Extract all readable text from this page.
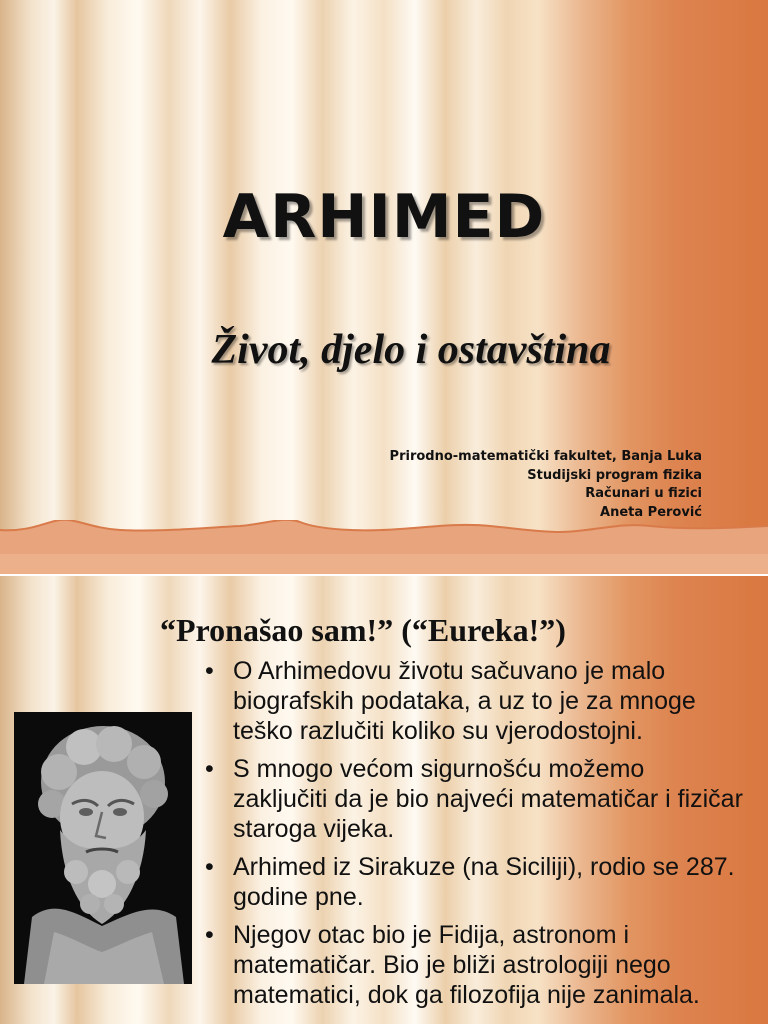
ARHIMED
Život, djelo i ostavština
Prirodno-matematički fakultet, Banja Luka
Studijski program fizika
Računari u fizici
Aneta Perović
“Pronašao sam!” (“Eureka!”)
• O Arhimedovu životu sačuvano je malo biografskih podataka, a uz to je za mnoge teško razlučiti koliko su vjerodostojni.
• S mnogo većom sigurnošću možemo zaključiti da je bio najveći matematičar i fizičar staroga vijeka.
• Arhimed iz Sirakuze (na Siciliji), rodio se 287. godine pne.
• Njegov otac bio je Fidija, astronom i matematičar. Bio je bliži astrologiji nego matematici, dok ga filozofija nije zanimala.
